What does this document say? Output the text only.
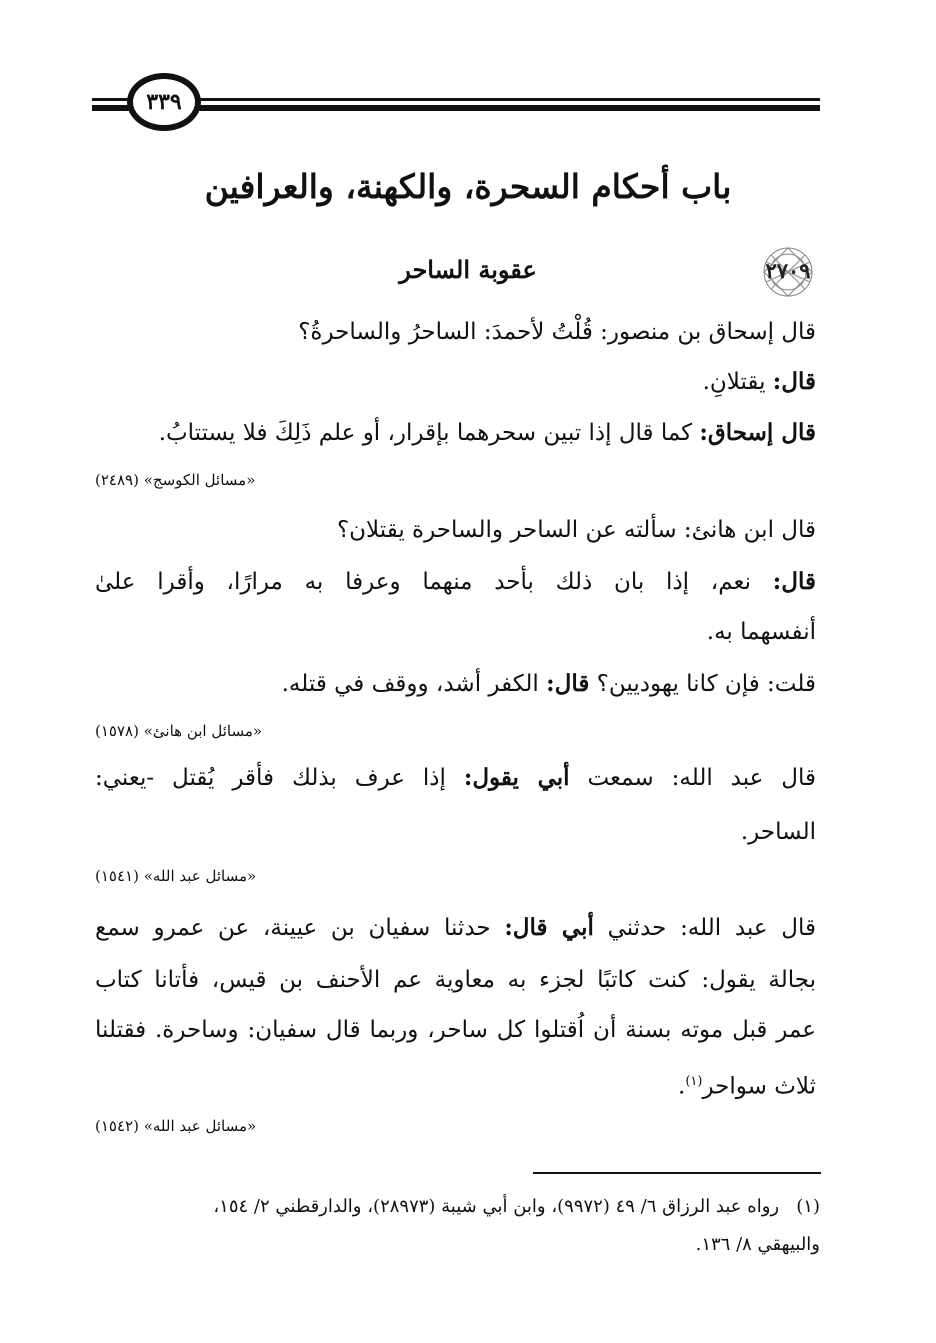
٣٣٩
باب أحكام السحرة، والكهنة، والعرافين
٢٧٠٩
عقوبة الساحر
قال إسحاق بن منصور: قُلْتُ لأحمدَ: الساحرُ والساحرةُ؟
قال: يقتلانِ.
قال إسحاق: كما قال إذا تبين سحرهما بإقرار، أو علم ذَلِكَ فلا يستتابُ.
«مسائل الكوسج» (٢٤٨٩)
قال ابن هانئ: سألته عن الساحر والساحرة يقتلان؟
قال: نعم، إذا بان ذلك بأحد منهما وعرفا به مرارًا، وأقرا علىٰ
أنفسهما به.
قلت: فإن كانا يهوديين؟ قال: الكفر أشد، ووقف في قتله.
«مسائل ابن هانئ» (١٥٧٨)
قال عبد الله: سمعت أبي يقول: إذا عرف بذلك فأقر يُقتل -يعني:
الساحر.
«مسائل عبد الله» (١٥٤١)
قال عبد الله: حدثني أبي قال: حدثنا سفيان بن عيينة، عن عمرو سمع
بجالة يقول: كنت كاتبًا لجزء به معاوية عم الأحنف بن قيس، فأتانا كتاب
عمر قبل موته بسنة أن اُقتلوا كل ساحر، وربما قال سفيان: وساحرة. فقتلنا
ثلاث سواحر$^{(١)}$.
«مسائل عبد الله» (١٥٤٢)
(١)   رواه عبد الرزاق ٦/ ٤٩ (٩٩٧٢)، وابن أبي شيبة (٢٨٩٧٣)، والدارقطني ٢/ ١٥٤،
والبيهقي ٨/ ١٣٦.
